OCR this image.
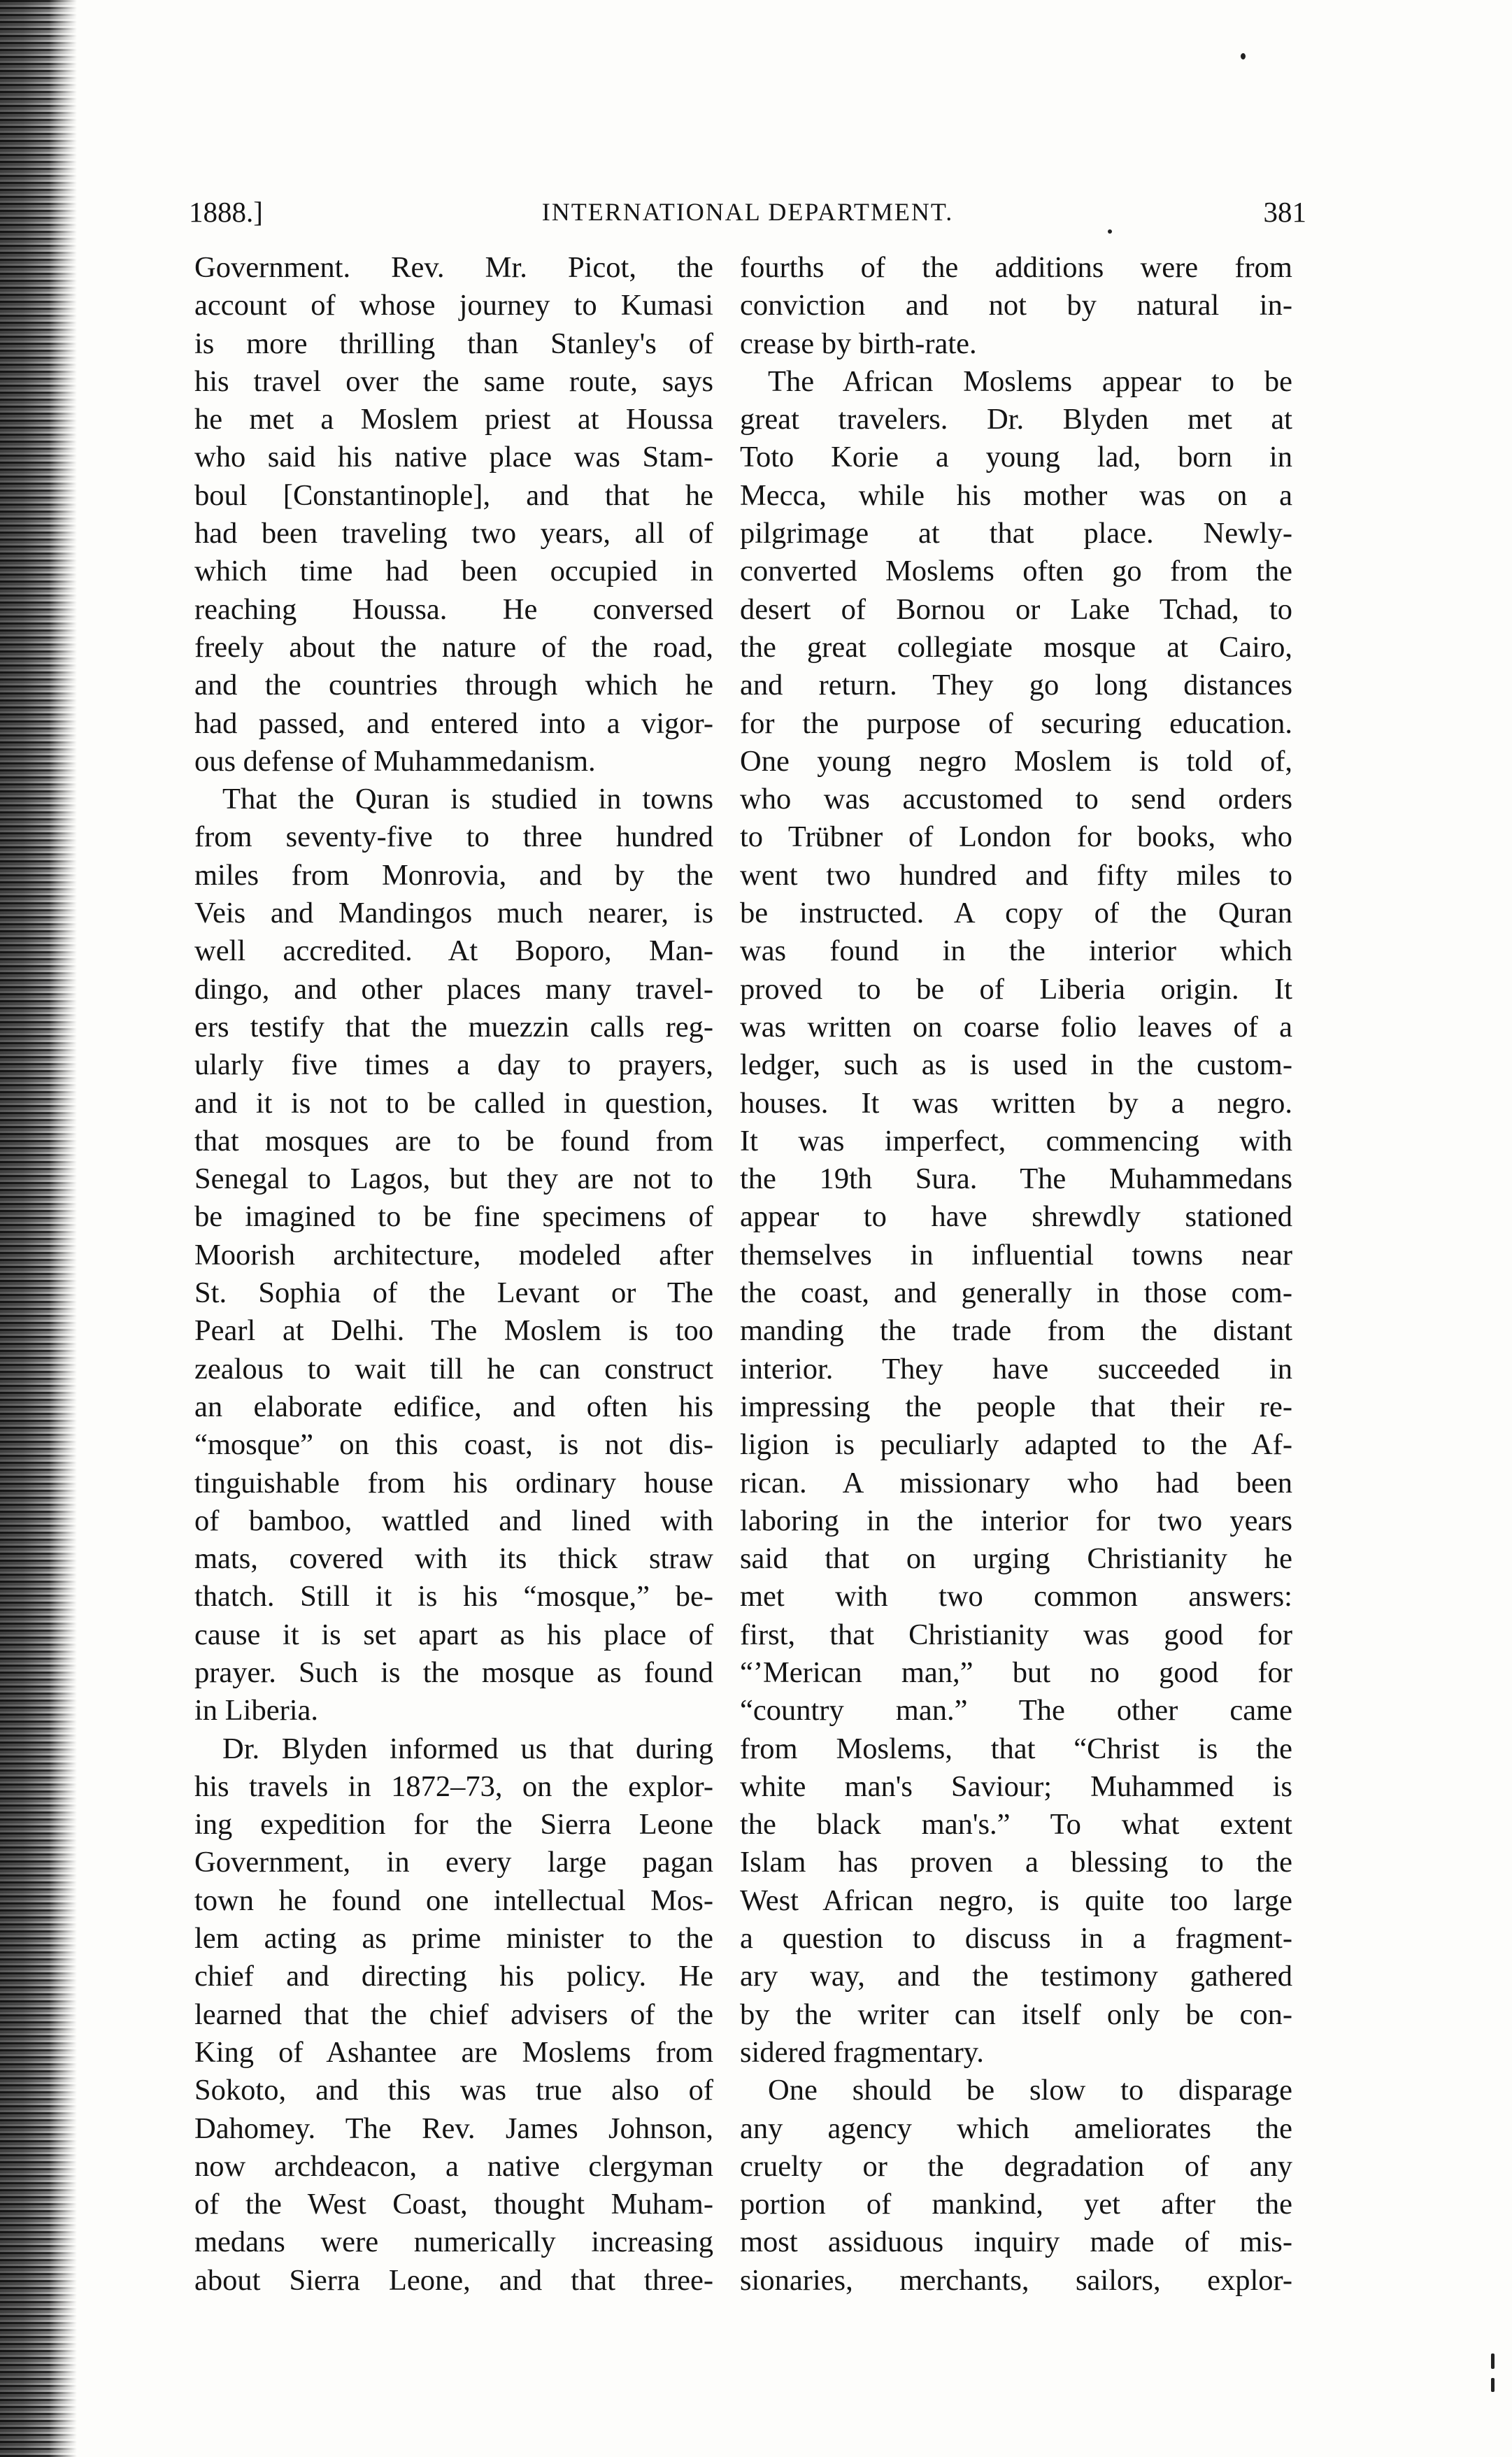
1888.]	INTERNATIONAL DEPARTMENT.	381
Government. Rev. Mr. Picot, the
account of whose journey to Kumasi
is more thrilling than Stanley's of
his travel over the same route, says
he met a Moslem priest at Houssa
who said his native place was Stam-
boul [Constantinople], and that he
had been traveling two years, all of
which time had been occupied in
reaching Houssa. He conversed
freely about the nature of the road,
and the countries through which he
had passed, and entered into a vigor-
ous defense of Muhammedanism.
That the Quran is studied in towns
from seventy-five to three hundred
miles from Monrovia, and by the
Veis and Mandingos much nearer, is
well accredited. At Boporo, Man-
dingo, and other places many travel-
ers testify that the muezzin calls reg-
ularly five times a day to prayers,
and it is not to be called in question,
that mosques are to be found from
Senegal to Lagos, but they are not to
be imagined to be fine specimens of
Moorish architecture, modeled after
St. Sophia of the Levant or The
Pearl at Delhi. The Moslem is too
zealous to wait till he can construct
an elaborate edifice, and often his
“mosque” on this coast, is not dis-
tinguishable from his ordinary house
of bamboo, wattled and lined with
mats, covered with its thick straw
thatch. Still it is his “mosque,” be-
cause it is set apart as his place of
prayer. Such is the mosque as found
in Liberia.
Dr. Blyden informed us that during
his travels in 1872–73, on the explor-
ing expedition for the Sierra Leone
Government, in every large pagan
town he found one intellectual Mos-
lem acting as prime minister to the
chief and directing his policy. He
learned that the chief advisers of the
King of Ashantee are Moslems from
Sokoto, and this was true also of
Dahomey. The Rev. James Johnson,
now archdeacon, a native clergyman
of the West Coast, thought Muham-
medans were numerically increasing
about Sierra Leone, and that three-
fourths of the additions were from
conviction and not by natural in-
crease by birth-rate.
The African Moslems appear to be
great travelers. Dr. Blyden met at
Toto Korie a young lad, born in
Mecca, while his mother was on a
pilgrimage at that place. Newly-
converted Moslems often go from the
desert of Bornou or Lake Tchad, to
the great collegiate mosque at Cairo,
and return. They go long distances
for the purpose of securing education.
One young negro Moslem is told of,
who was accustomed to send orders
to Trübner of London for books, who
went two hundred and fifty miles to
be instructed. A copy of the Quran
was found in the interior which
proved to be of Liberia origin. It
was written on coarse folio leaves of a
ledger, such as is used in the custom-
houses. It was written by a negro.
It was imperfect, commencing with
the 19th Sura. The Muhammedans
appear to have shrewdly stationed
themselves in influential towns near
the coast, and generally in those com-
manding the trade from the distant
interior. They have succeeded in
impressing the people that their re-
ligion is peculiarly adapted to the Af-
rican. A missionary who had been
laboring in the interior for two years
said that on urging Christianity he
met with two common answers:
first, that Christianity was good for
“’Merican man,” but no good for
“country man.” The other came
from Moslems, that “Christ is the
white man's Saviour; Muhammed is
the black man's.” To what extent
Islam has proven a blessing to the
West African negro, is quite too large
a question to discuss in a fragment-
ary way, and the testimony gathered
by the writer can itself only be con-
sidered fragmentary.
One should be slow to disparage
any agency which ameliorates the
cruelty or the degradation of any
portion of mankind, yet after the
most assiduous inquiry made of mis-
sionaries, merchants, sailors, explor-
